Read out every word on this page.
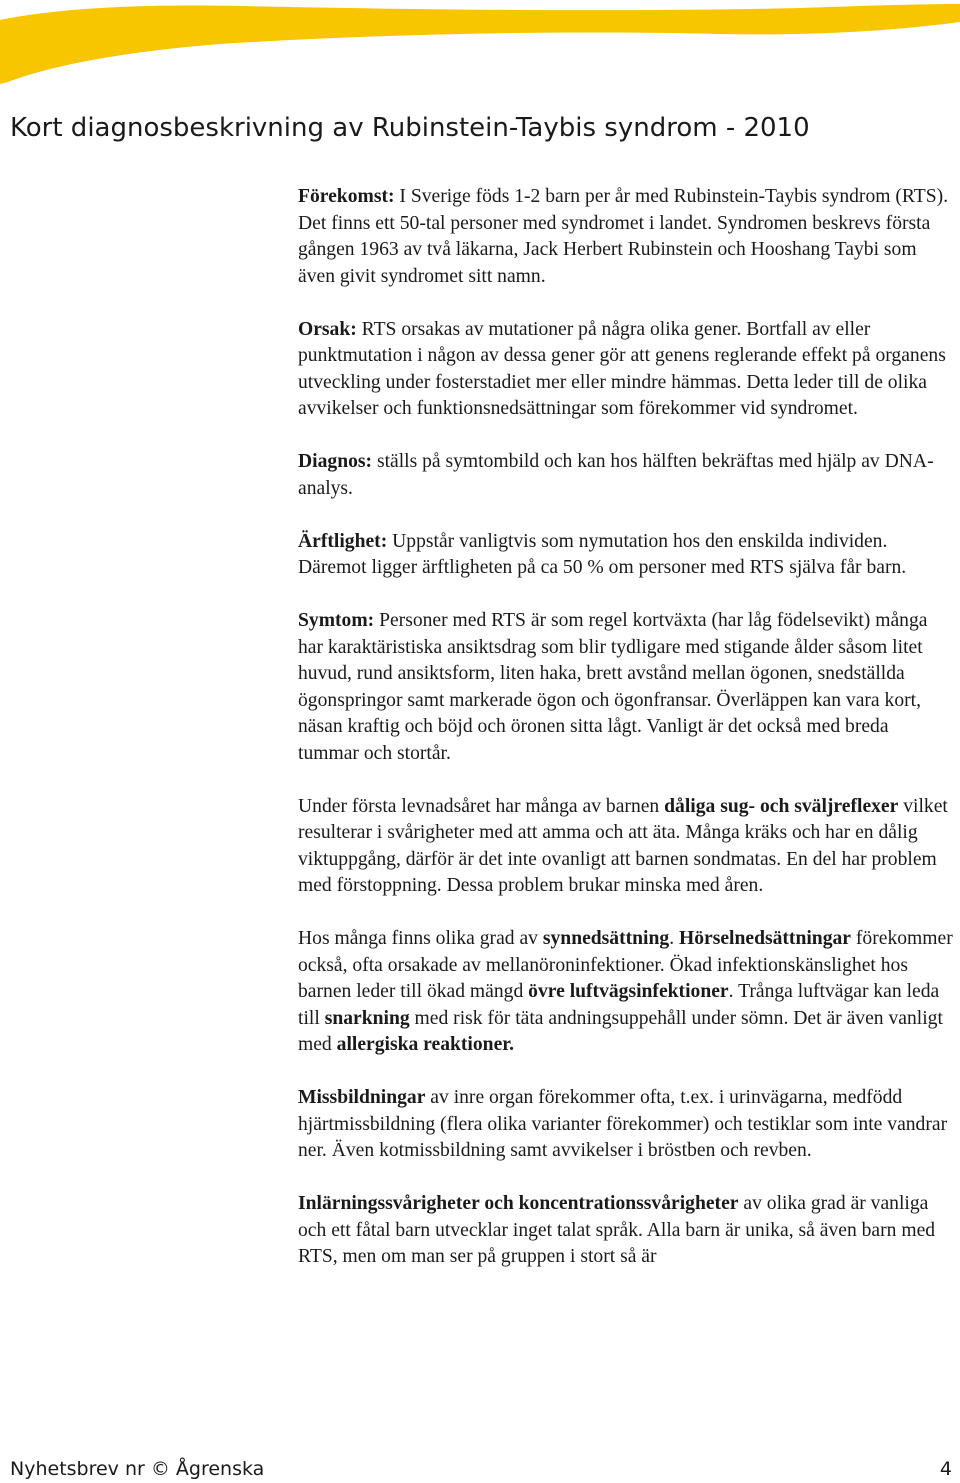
Kort diagnosbeskrivning av Rubinstein-Taybis syndrom - 2010

Förekomst: I Sverige föds 1-2 barn per år med Rubinstein-Taybis syndrom (RTS). Det finns ett 50-tal personer med syndromet i landet. Syndromen beskrevs första gången 1963 av två läkarna, Jack Herbert Rubinstein och Hooshang Taybi som även givit syndromet sitt namn.

Orsak: RTS orsakas av mutationer på några olika gener. Bortfall av eller punktmutation i någon av dessa gener gör att genens reglerande effekt på organens utveckling under fosterstadiet mer eller mindre hämmas. Detta leder till de olika avvikelser och funktionsnedsättningar som förekommer vid syndromet.

Diagnos: ställs på symtombild och kan hos hälften bekräftas med hjälp av DNA-analys.

Ärftlighet: Uppstår vanligtvis som nymutation hos den enskilda individen. Däremot ligger ärftligheten på ca 50 % om personer med RTS själva får barn.

Symtom: Personer med RTS är som regel kortväxta (har låg födelsevikt) många har karaktäristiska ansiktsdrag som blir tydligare med stigande ålder såsom litet huvud, rund ansiktsform, liten haka, brett avstånd mellan ögonen, snedställda ögonspringor samt markerade ögon och ögonfransar. Överläppen kan vara kort, näsan kraftig och böjd och öronen sitta lågt. Vanligt är det också med breda tummar och stortår.

Under första levnadsåret har många av barnen dåliga sug- och sväljreflexer vilket resulterar i svårigheter med att amma och att äta. Många kräks och har en dålig viktuppgång, därför är det inte ovanligt att barnen sondmatas. En del har problem med förstoppning. Dessa problem brukar minska med åren.

Hos många finns olika grad av synnedsättning. Hörselnedsättningar förekommer också, ofta orsakade av mellanöroninfektioner. Ökad infektionskänslighet hos barnen leder till ökad mängd övre luftvägsinfektioner. Trånga luftvägar kan leda till snarkning med risk för täta andningsuppehåll under sömn. Det är även vanligt med allergiska reaktioner.

Missbildningar av inre organ förekommer ofta, t.ex. i urinvägarna, medfödd hjärtmissbildning (flera olika varianter förekommer) och testiklar som inte vandrar ner. Även kotmissbildning samt avvikelser i bröstben och revben.

Inlärningssvårigheter och koncentrationssvårigheter av olika grad är vanliga och ett fåtal barn utvecklar inget talat språk. Alla barn är unika, så även barn med RTS, men om man ser på gruppen i stort så är

Nyhetsbrev nr © Ågrenska	4
